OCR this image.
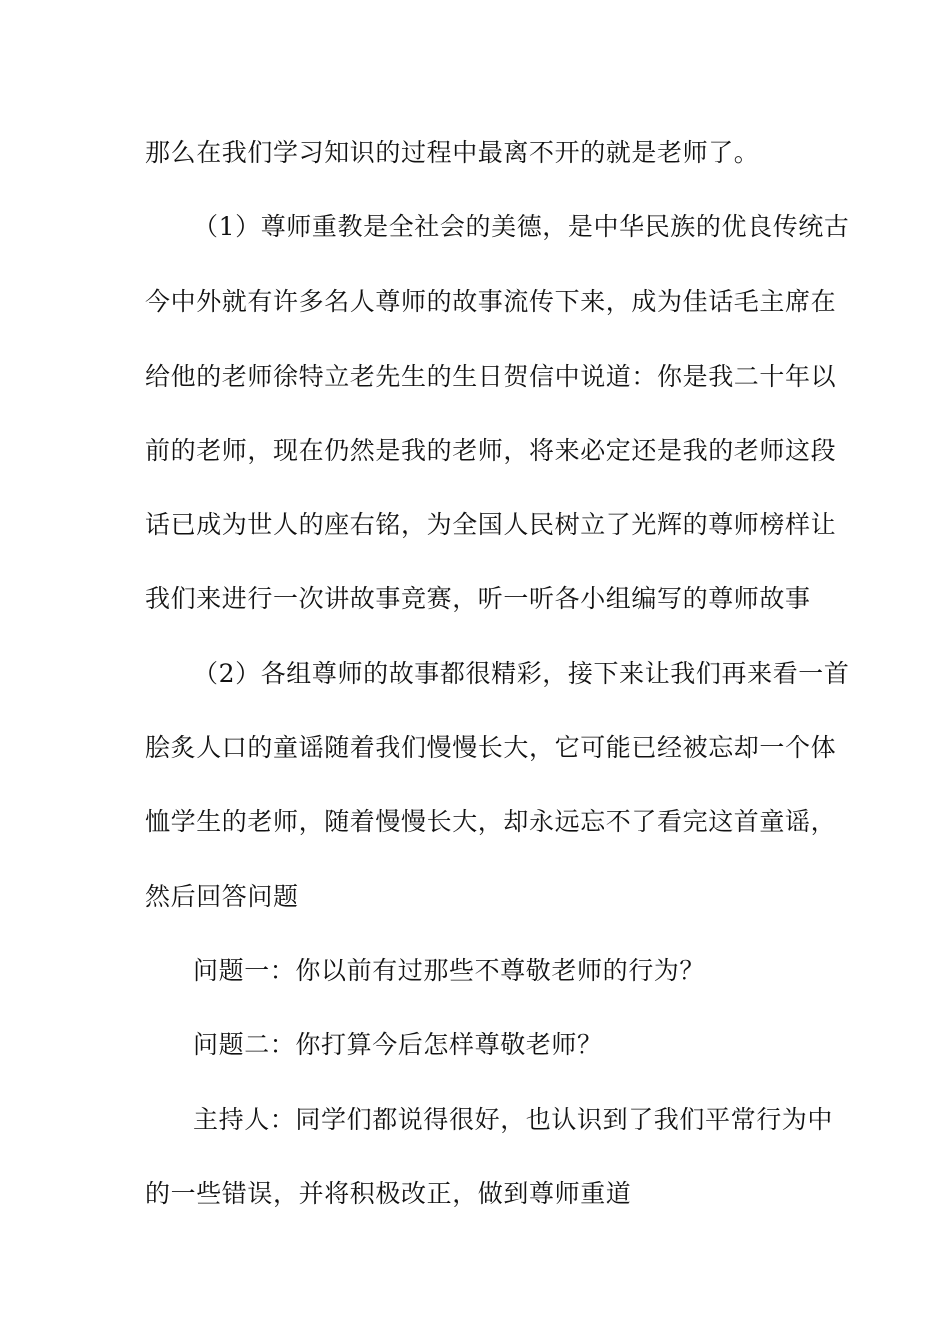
那么在我们学习知识的过程中最离不开的就是老师了。
（1）尊师重教是全社会的美德，是中华民族的优良传统古
今中外就有许多名人尊师的故事流传下来，成为佳话毛主席在
给他的老师徐特立老先生的生日贺信中说道：你是我二十年以
前的老师，现在仍然是我的老师，将来必定还是我的老师这段
话已成为世人的座右铭，为全国人民树立了光辉的尊师榜样让
我们来进行一次讲故事竞赛，听一听各小组编写的尊师故事
（2）各组尊师的故事都很精彩，接下来让我们再来看一首
脍炙人口的童谣随着我们慢慢长大，它可能已经被忘却一个体
恤学生的老师，随着慢慢长大，却永远忘不了看完这首童谣，
然后回答问题
问题一：你以前有过那些不尊敬老师的行为？
问题二：你打算今后怎样尊敬老师？
主持人：同学们都说得很好，也认识到了我们平常行为中
的一些错误，并将积极改正，做到尊师重道
